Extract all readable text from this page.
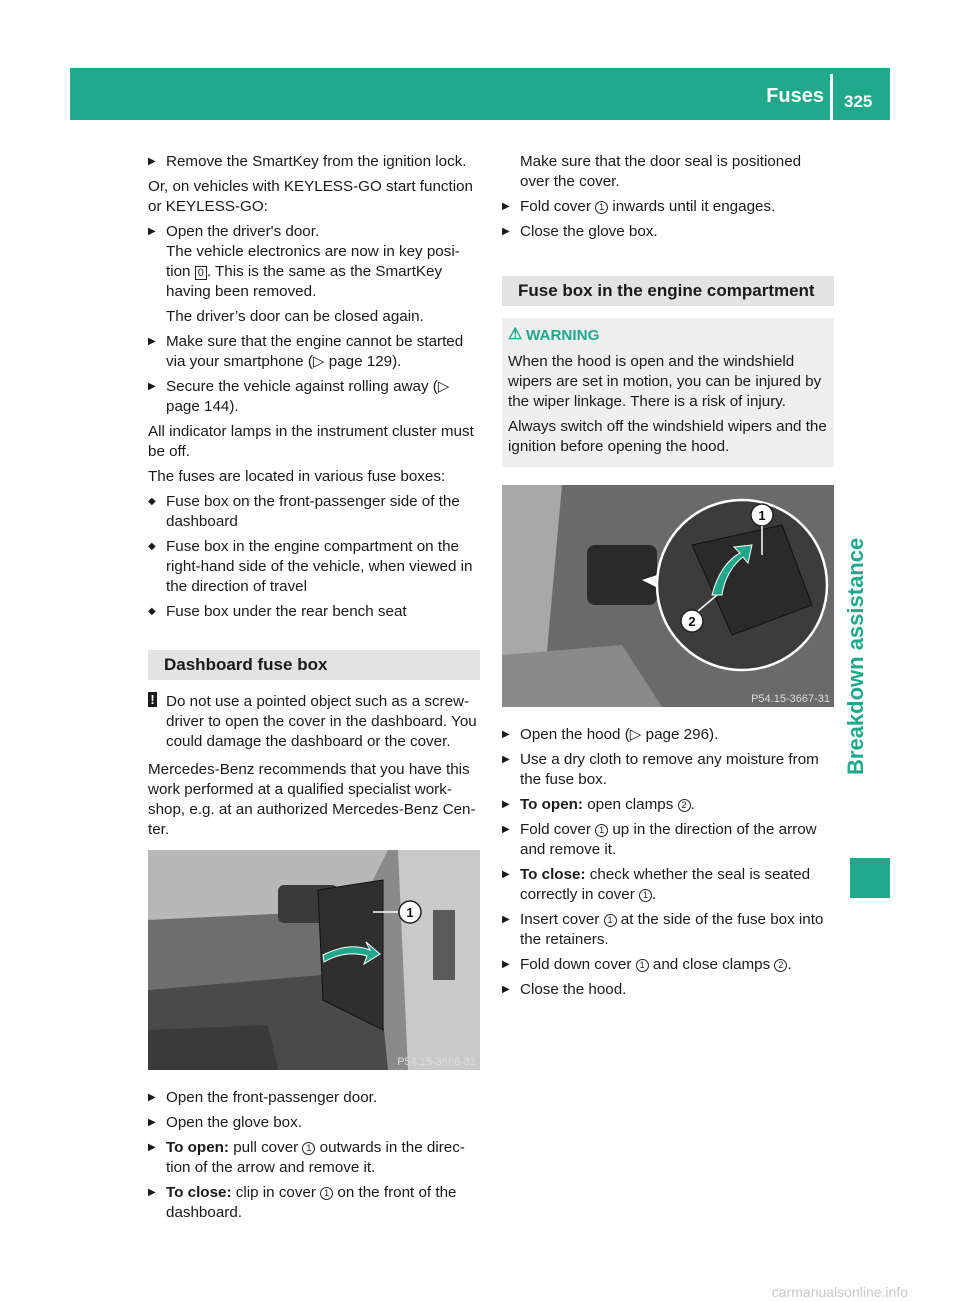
Fuses 325
Breakdown assistance
▶ Remove the SmartKey from the ignition lock.

Or, on vehicles with KEYLESS-GO start function or KEYLESS-GO:

▶ Open the driver's door.
The vehicle electronics are now in key posi-tion 0 . This is the same as the SmartKey having been removed.
The driver’s door can be closed again.
▶ Make sure that the engine cannot be started via your smartphone (▷ page 129).
▶ Secure the vehicle against rolling away (▷ page 144).

All indicator lamps in the instrument cluster must be off.

The fuses are located in various fuse boxes:

◆ Fuse box on the front-passenger side of the dashboard
◆ Fuse box in the engine compartment on the right-hand side of the vehicle, when viewed in the direction of travel
◆ Fuse box under the rear bench seat
Dashboard fuse box
! Do not use a pointed object such as a screw-driver to open the cover in the dashboard. You could damage the dashboard or the cover.

Mercedes-Benz recommends that you have this work performed at a qualified specialist work-shop, e.g. at an authorized Mercedes-Benz Cen-ter.

1
P54.15-3666-31
▶ Open the front-passenger door.
▶ Open the glove box.
▶ To open: pull cover 1 outwards in the direc-tion of the arrow and remove it.
▶ To close: clip in cover 1 on the front of the dashboard.
Make sure that the door seal is positioned over the cover.
▶ Fold cover 1 inwards until it engages.
▶ Close the glove box.
Fuse box in the engine compartment
⚠ WARNING

When the hood is open and the windshield wipers are set in motion, you can be injured by the wiper linkage. There is a risk of injury.

Always switch off the windshield wipers and the ignition before opening the hood.

1
2
P54.15-3667-31
▶ Open the hood (▷ page 296).
▶ Use a dry cloth to remove any moisture from the fuse box.
▶ To open: open clamps 2 .
▶ Fold cover 1 up in the direction of the arrow and remove it.
▶ To close: check whether the seal is seated correctly in cover 1 .
▶ Insert cover 1 at the side of the fuse box into the retainers.
▶ Fold down cover 1 and close clamps 2 .
▶ Close the hood.
carmanualsonline.info
